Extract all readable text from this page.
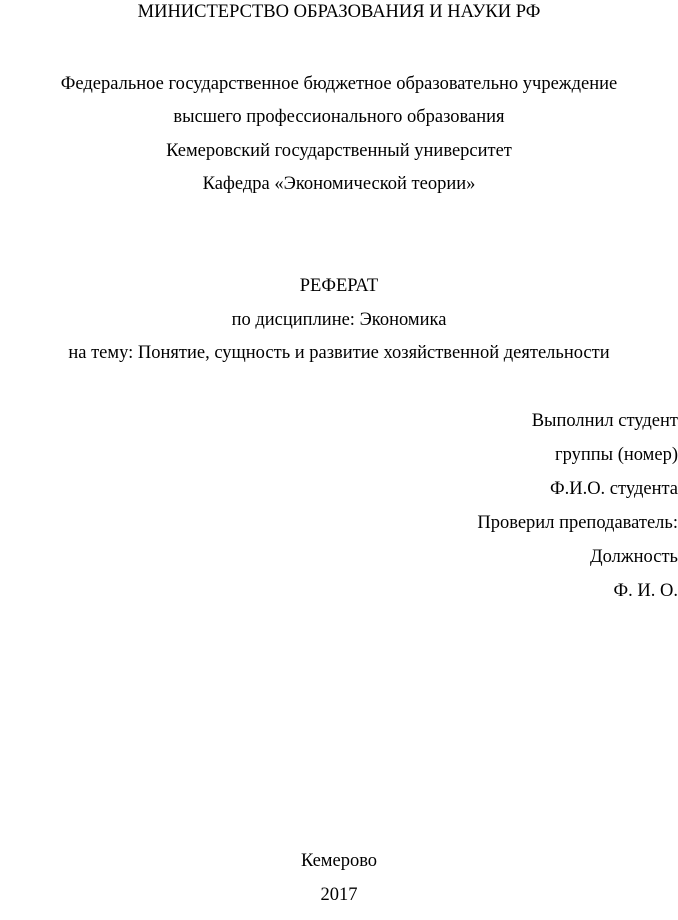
МИНИСТЕРСТВО ОБРАЗОВАНИЯ И НАУКИ РФ
Федеральное государственное бюджетное образовательно учреждение
высшего профессионального образования
Кемеровский государственный университет
Кафедра «Экономической теории»
РЕФЕРАТ
по дисциплине: Экономика
на тему: Понятие, сущность и развитие хозяйственной деятельности
Выполнил студент
группы (номер)
Ф.И.О. студента
Проверил преподаватель:
Должность
Ф. И. О.
Кемерово
2017
